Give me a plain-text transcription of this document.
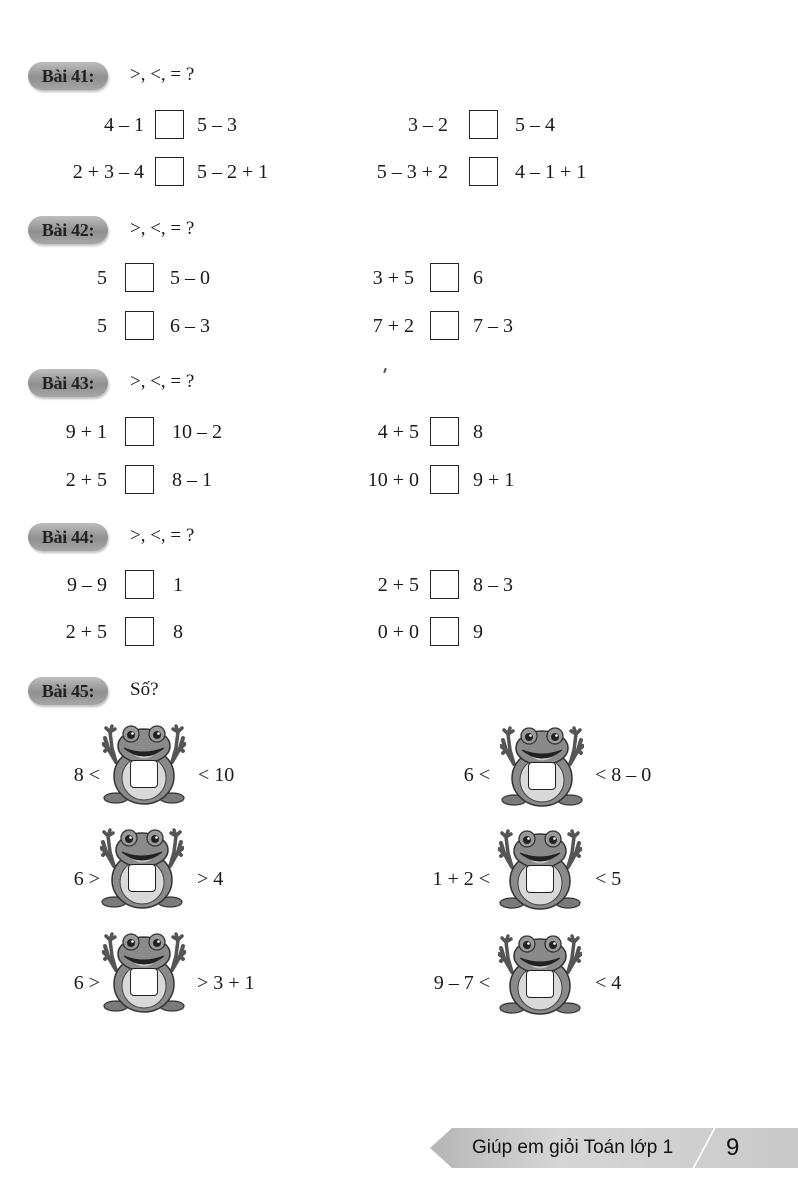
Bài 41:	>, <, = ?
4 – 1	5 – 3	3 – 2	5 – 4
2 + 3 – 4	5 – 2 + 1	5 – 3 + 2	4 – 1 + 1
Bài 42:	>, <, = ?
5	5 – 0	3 + 5	6
5	6 – 3	7 + 2	7 – 3
Bài 43:	>, <, = ?
9 + 1	10 – 2	4 + 5	8
2 + 5	8 – 1	10 + 0	9 + 1
Bài 44:	>, <, = ?
9 – 9	1	2 + 5	8 – 3
2 + 5	8	0 + 0	9
Bài 45:	Số?
8 <	< 10	6 <	< 8 – 0
6 >	> 4	1 + 2 <	< 5
6 >	> 3 + 1	9 – 7 <	< 4
Giúp em giỏi Toán lớp 1 9
